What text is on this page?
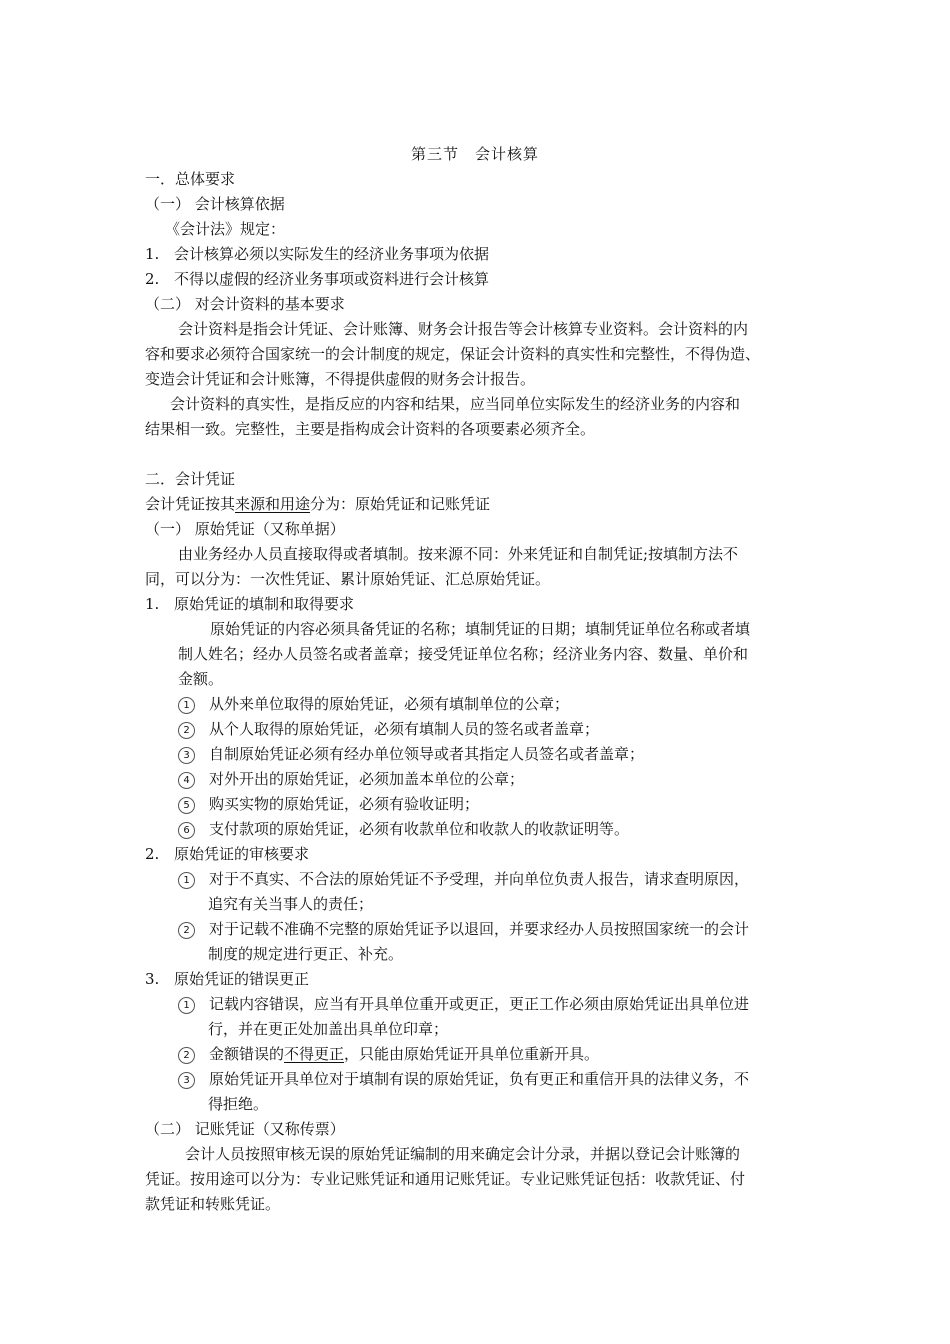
第三节　会计核算
一．总体要求
（一） 会计核算依据
《会计法》规定：
1. 会计核算必须以实际发生的经济业务事项为依据
2. 不得以虚假的经济业务事项或资料进行会计核算
（二） 对会计资料的基本要求
会计资料是指会计凭证、会计账簿、财务会计报告等会计核算专业资料。会计资料的内
容和要求必须符合国家统一的会计制度的规定，保证会计资料的真实性和完整性，不得伪造、
变造会计凭证和会计账簿，不得提供虚假的财务会计报告。
会计资料的真实性，是指反应的内容和结果，应当同单位实际发生的经济业务的内容和
结果相一致。完整性，主要是指构成会计资料的各项要素必须齐全。
二．会计凭证
会计凭证按其来源和用途分为：原始凭证和记账凭证
（一） 原始凭证（又称单据）
由业务经办人员直接取得或者填制。按来源不同：外来凭证和自制凭证;按填制方法不
同，可以分为：一次性凭证、累计原始凭证、汇总原始凭证。
1. 原始凭证的填制和取得要求
原始凭证的内容必须具备凭证的名称；填制凭证的日期；填制凭证单位名称或者填
制人姓名；经办人员签名或者盖章；接受凭证单位名称；经济业务内容、数量、单价和
金额。
1 从外来单位取得的原始凭证，必须有填制单位的公章；
2 从个人取得的原始凭证，必须有填制人员的签名或者盖章；
3 自制原始凭证必须有经办单位领导或者其指定人员签名或者盖章；
4 对外开出的原始凭证，必须加盖本单位的公章；
5 购买实物的原始凭证，必须有验收证明；
6 支付款项的原始凭证，必须有收款单位和收款人的收款证明等。
2. 原始凭证的审核要求
1 对于不真实、不合法的原始凭证不予受理，并向单位负责人报告，请求查明原因，
追究有关当事人的责任；
2 对于记载不准确不完整的原始凭证予以退回，并要求经办人员按照国家统一的会计
制度的规定进行更正、补充。
3. 原始凭证的错误更正
1 记载内容错误，应当有开具单位重开或更正，更正工作必须由原始凭证出具单位进
行，并在更正处加盖出具单位印章；
2 金额错误的不得更正，只能由原始凭证开具单位重新开具。
3 原始凭证开具单位对于填制有误的原始凭证，负有更正和重信开具的法律义务，不
得拒绝。
（二） 记账凭证（又称传票）
会计人员按照审核无误的原始凭证编制的用来确定会计分录，并据以登记会计账簿的
凭证。按用途可以分为：专业记账凭证和通用记账凭证。专业记账凭证包括：收款凭证、付
款凭证和转账凭证。
